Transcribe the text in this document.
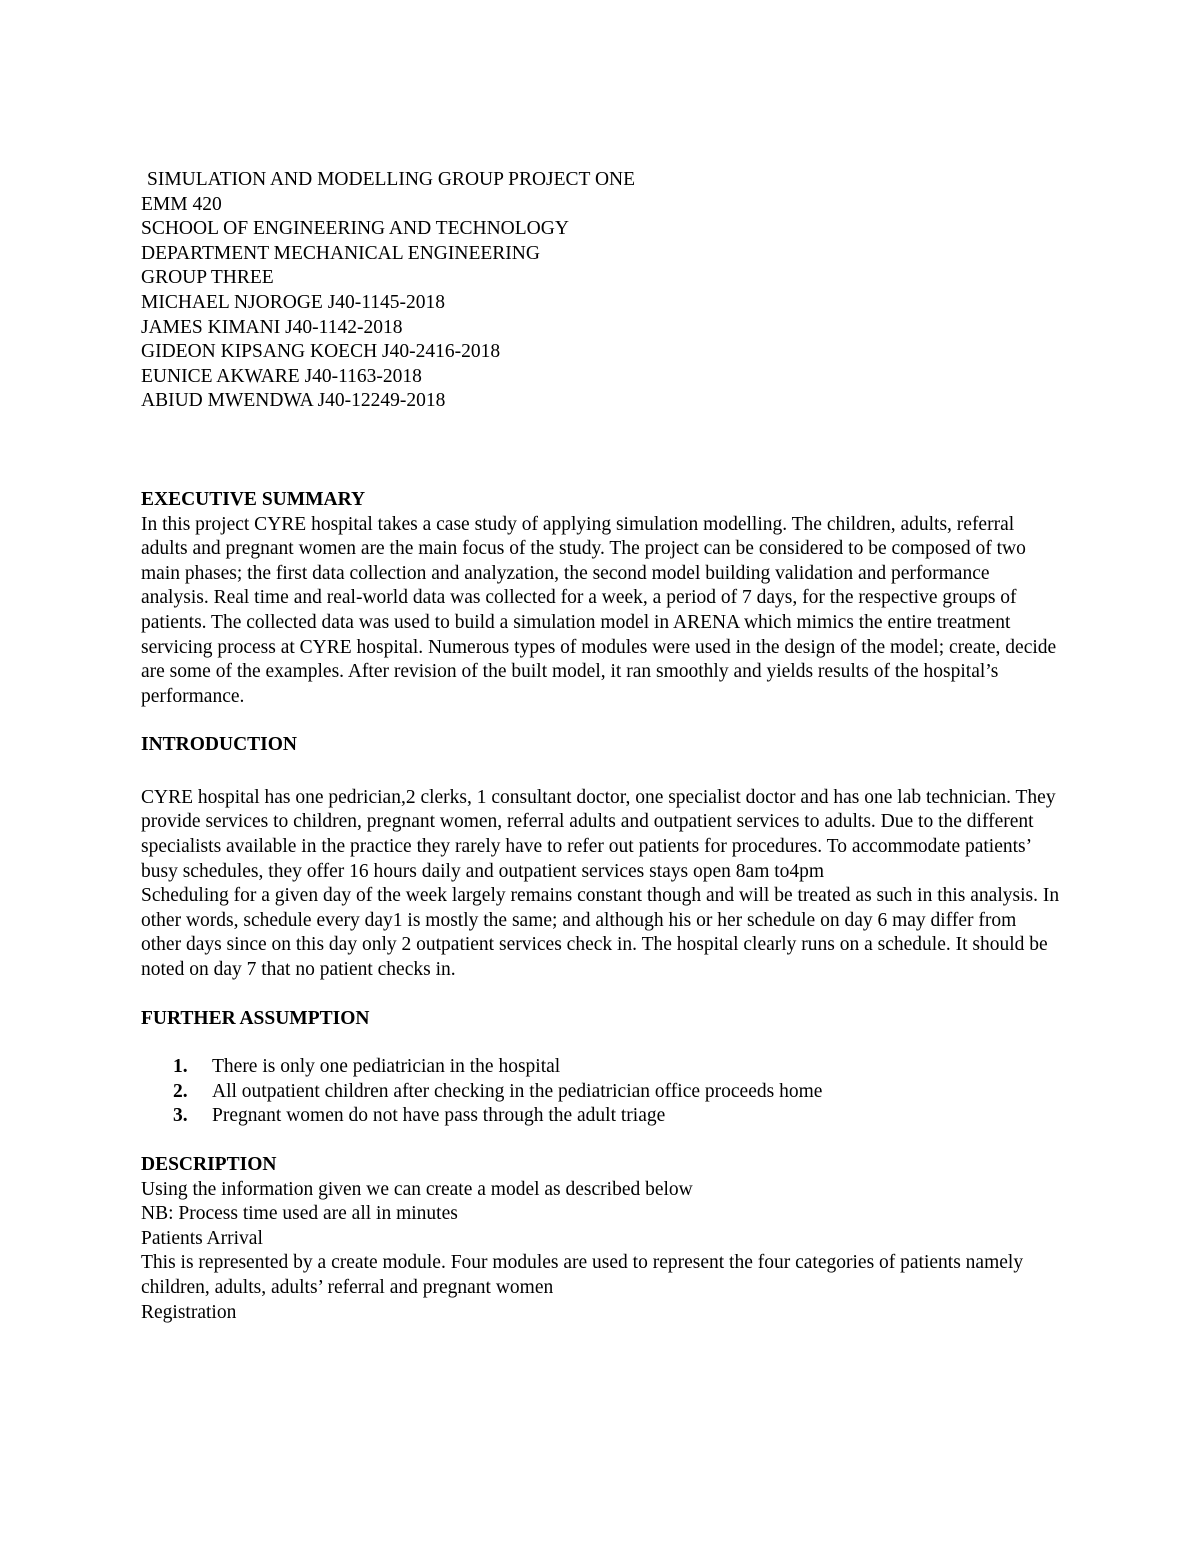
SIMULATION AND MODELLING GROUP PROJECT ONE
EMM 420
SCHOOL OF ENGINEERING AND TECHNOLOGY
DEPARTMENT MECHANICAL ENGINEERING
GROUP THREE
MICHAEL NJOROGE J40-1145-2018
JAMES KIMANI J40-1142-2018
GIDEON KIPSANG KOECH J40-2416-2018
EUNICE AKWARE J40-1163-2018
ABIUD MWENDWA J40-12249-2018
EXECUTIVE SUMMARY
In this project CYRE hospital takes a case study of applying simulation modelling. The children, adults, referral adults and pregnant women are the main focus of the study. The project can be considered to be composed of two main phases; the first data collection and analyzation, the second model building validation and performance analysis. Real time and real-world data was collected for a week, a period of 7 days, for the respective groups of patients. The collected data was used to build a simulation model in ARENA which mimics the entire treatment servicing process at CYRE hospital. Numerous types of modules were used in the design of the model; create, decide are some of the examples. After revision of the built model, it ran smoothly and yields results of the hospital’s performance.
INTRODUCTION
CYRE hospital has one pedrician,2 clerks, 1 consultant doctor, one specialist doctor and has one lab technician. They provide services to children, pregnant women, referral adults and outpatient services to adults. Due to the different specialists available in the practice they rarely have to refer out patients for procedures. To accommodate patients’ busy schedules, they offer 16 hours daily and outpatient services stays open 8am to4pm
Scheduling for a given day of the week largely remains constant though and will be treated as such in this analysis. In other words, schedule every day1 is mostly the same; and although his or her schedule on day 6 may differ from other days since on this day only 2 outpatient services check in. The hospital clearly runs on a schedule. It should be noted on day 7 that no patient checks in.
FURTHER ASSUMPTION
1. There is only one pediatrician in the hospital
2. All outpatient children after checking in the pediatrician office proceeds home
3. Pregnant women do not have pass through the adult triage
DESCRIPTION
Using the information given we can create a model as described below
NB: Process time used are all in minutes
Patients Arrival
This is represented by a create module. Four modules are used to represent the four categories of patients namely children, adults, adults’ referral and pregnant women
Registration
